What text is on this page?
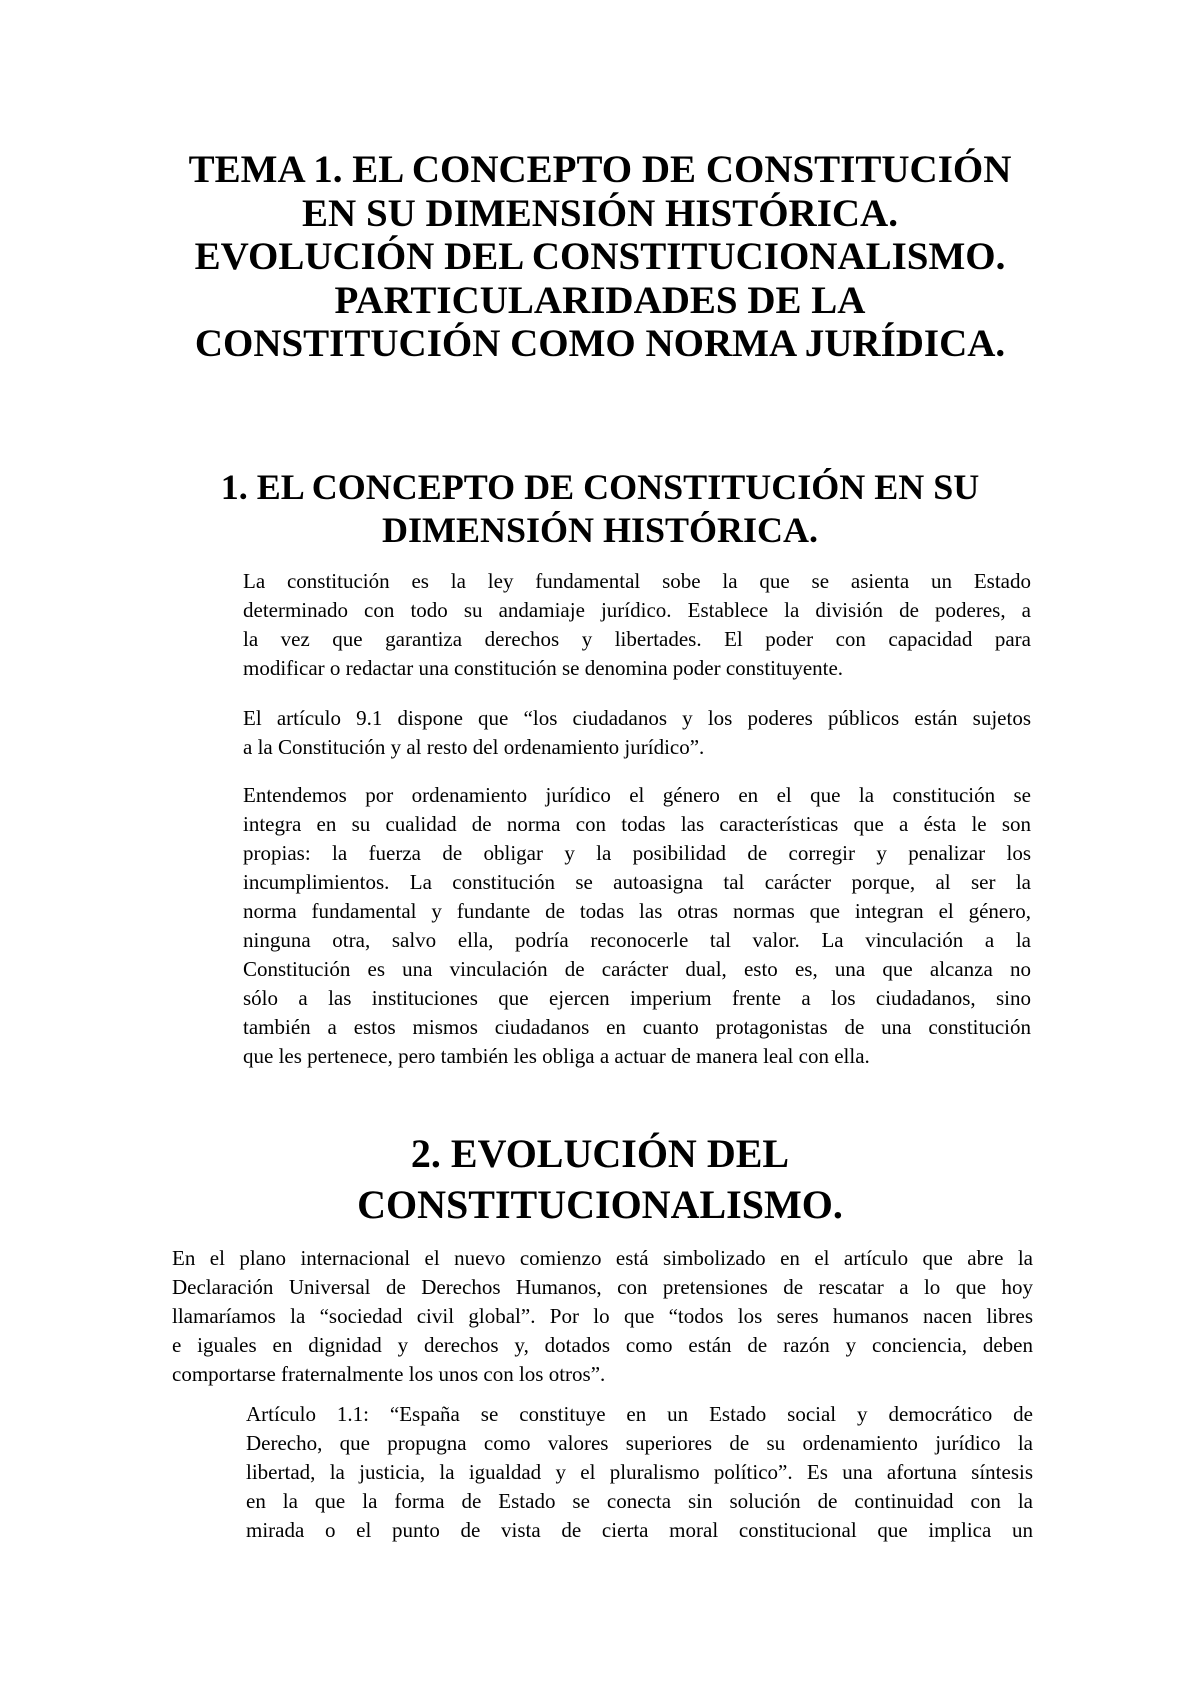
TEMA 1. EL CONCEPTO DE CONSTITUCIÓN
EN SU DIMENSIÓN HISTÓRICA.
EVOLUCIÓN DEL CONSTITUCIONALISMO.
PARTICULARIDADES DE LA
CONSTITUCIÓN COMO NORMA JURÍDICA.
1. EL CONCEPTO DE CONSTITUCIÓN EN SU
DIMENSIÓN HISTÓRICA.

La constitución es la ley fundamental sobe la que se asienta un Estado
determinado con todo su andamiaje jurídico. Establece la división de poderes, a
la vez que garantiza derechos y libertades. El poder con capacidad para
modificar o redactar una constitución se denomina poder constituyente.

El artículo 9.1 dispone que “los ciudadanos y los poderes públicos están sujetos
a la Constitución y al resto del ordenamiento jurídico”.

Entendemos por ordenamiento jurídico el género en el que la constitución se
integra en su cualidad de norma con todas las características que a ésta le son
propias: la fuerza de obligar y la posibilidad de corregir y penalizar los
incumplimientos. La constitución se autoasigna tal carácter porque, al ser la
norma fundamental y fundante de todas las otras normas que integran el género,
ninguna otra, salvo ella, podría reconocerle tal valor. La vinculación a la
Constitución es una vinculación de carácter dual, esto es, una que alcanza no
sólo a las instituciones que ejercen imperium frente a los ciudadanos, sino
también a estos mismos ciudadanos en cuanto protagonistas de una constitución
que les pertenece, pero también les obliga a actuar de manera leal con ella.

2. EVOLUCIÓN DEL
CONSTITUCIONALISMO.

En el plano internacional el nuevo comienzo está simbolizado en el artículo que abre la
Declaración Universal de Derechos Humanos, con pretensiones de rescatar a lo que hoy
llamaríamos la “sociedad civil global”. Por lo que “todos los seres humanos nacen libres
e iguales en dignidad y derechos y, dotados como están de razón y conciencia, deben
comportarse fraternalmente los unos con los otros”.

Artículo 1.1: “España se constituye en un Estado social y democrático de
Derecho, que propugna como valores superiores de su ordenamiento jurídico la
libertad, la justicia, la igualdad y el pluralismo político”. Es una afortuna síntesis
en la que la forma de Estado se conecta sin solución de continuidad con la
mirada o el punto de vista de cierta moral constitucional que implica un
